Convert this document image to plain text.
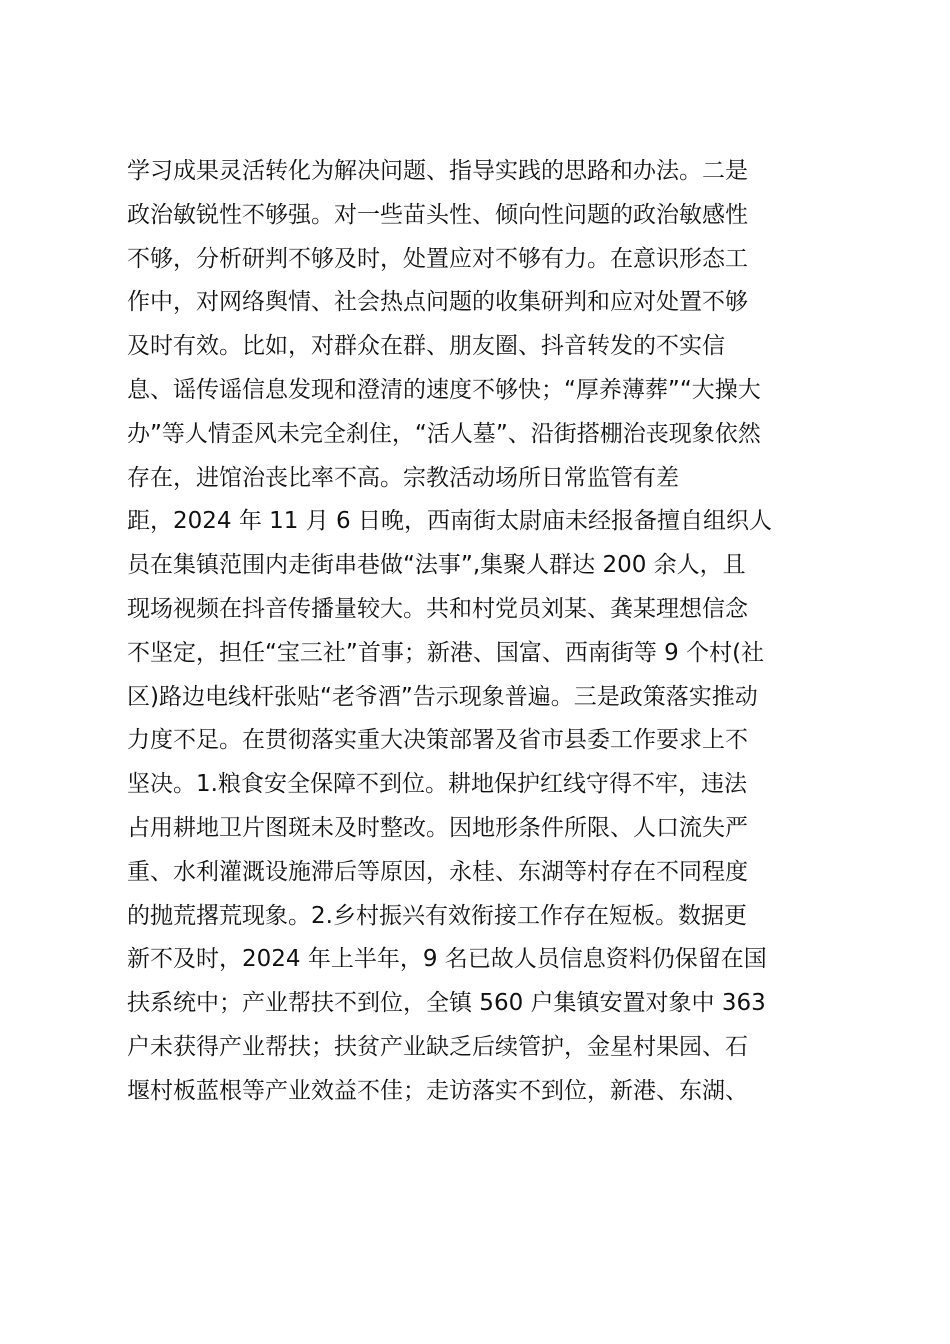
学习成果灵活转化为解决问题、指导实践的思路和办法。二是
政治敏锐性不够强。对一些苗头性、倾向性问题的政治敏感性
不够，分析研判不够及时，处置应对不够有力。在意识形态工
作中，对网络舆情、社会热点问题的收集研判和应对处置不够
及时有效。比如，对群众在群、朋友圈、抖音转发的不实信
息、谣传谣信息发现和澄清的速度不够快；“厚养薄葬”“大操大
办”等人情歪风未完全刹住，“活人墓”、沿街搭棚治丧现象依然
存在，进馆治丧比率不高。宗教活动场所日常监管有差
距，2024 年 11 月 6 日晚，西南街太尉庙未经报备擅自组织人
员在集镇范围内走街串巷做“法事”,集聚人群达 200 余人，且
现场视频在抖音传播量较大。共和村党员刘某、龚某理想信念
不坚定，担任“宝三社”首事；新港、国富、西南街等 9 个村(社
区)路边电线杆张贴“老爷酒”告示现象普遍。三是政策落实推动
力度不足。在贯彻落实重大决策部署及省市县委工作要求上不
坚决。1.粮食安全保障不到位。耕地保护红线守得不牢，违法
占用耕地卫片图斑未及时整改。因地形条件所限、人口流失严
重、水利灌溉设施滞后等原因，永桂、东湖等村存在不同程度
的抛荒撂荒现象。2.乡村振兴有效衔接工作存在短板。数据更
新不及时，2024 年上半年，9 名已故人员信息资料仍保留在国
扶系统中；产业帮扶不到位，全镇 560 户集镇安置对象中 363
户未获得产业帮扶；扶贫产业缺乏后续管护，金星村果园、石
堰村板蓝根等产业效益不佳；走访落实不到位，新港、东湖、
